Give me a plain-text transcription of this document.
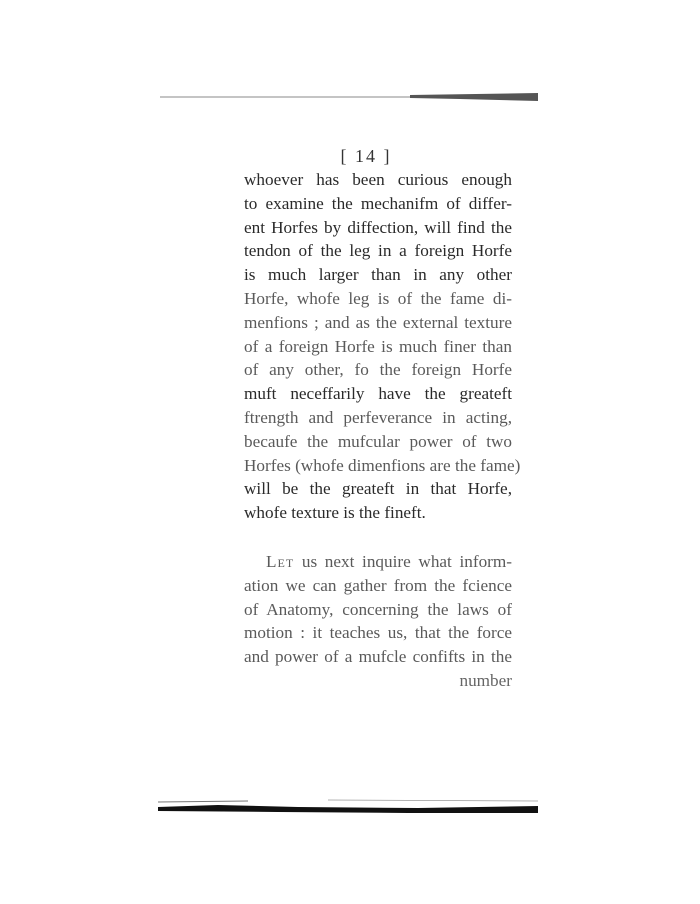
[ 14 ]
whoever has been curious enough
to examine the mechanifm of differ-
ent Horfes by diffection, will find the
tendon of the leg in a foreign Horfe
is much larger than in any other
Horfe, whofe leg is of the fame di-
menfions ; and as the external texture
of a foreign Horfe is much finer than
of any other, fo the foreign Horfe
muft neceffarily have the greateft
ftrength and perfeverance in acting,
becaufe the mufcular power of two
Horfes (whofe dimenfions are the fame)
will be the greateft in that Horfe,
whofe texture is the fineft.
Let us next inquire what inform-
ation we can gather from the fcience
of Anatomy, concerning the laws of
motion : it teaches us, that the force
and power of a mufcle confifts in the
number
